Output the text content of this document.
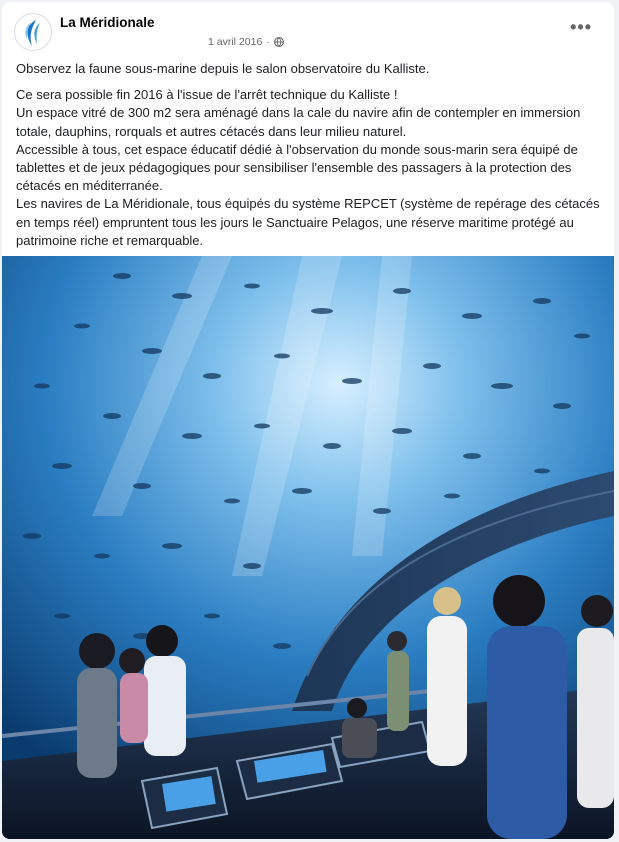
La Méridionale
1 avril 2016 ·
•••

Observez la faune sous-marine depuis le salon observatoire du Kalliste.

Ce sera possible fin 2016 à l'issue de l'arrêt technique du Kalliste !

Un espace vitré de 300 m2 sera aménagé dans la cale du navire afin de contempler en immersion totale, dauphins, rorquals et autres cétacés dans leur milieu naturel.

Accessible à tous, cet espace éducatif dédié à l'observation du monde sous-marin sera équipé de tablettes et de jeux pédagogiques pour sensibiliser l'ensemble des passagers à la protection des cétacés en méditerranée.

Les navires de La Méridionale, tous équipés du système REPCET (système de repérage des cétacés en temps réel) empruntent tous les jours le Sanctuaire Pelagos, une réserve maritime protégé au patrimoine riche et remarquable.
